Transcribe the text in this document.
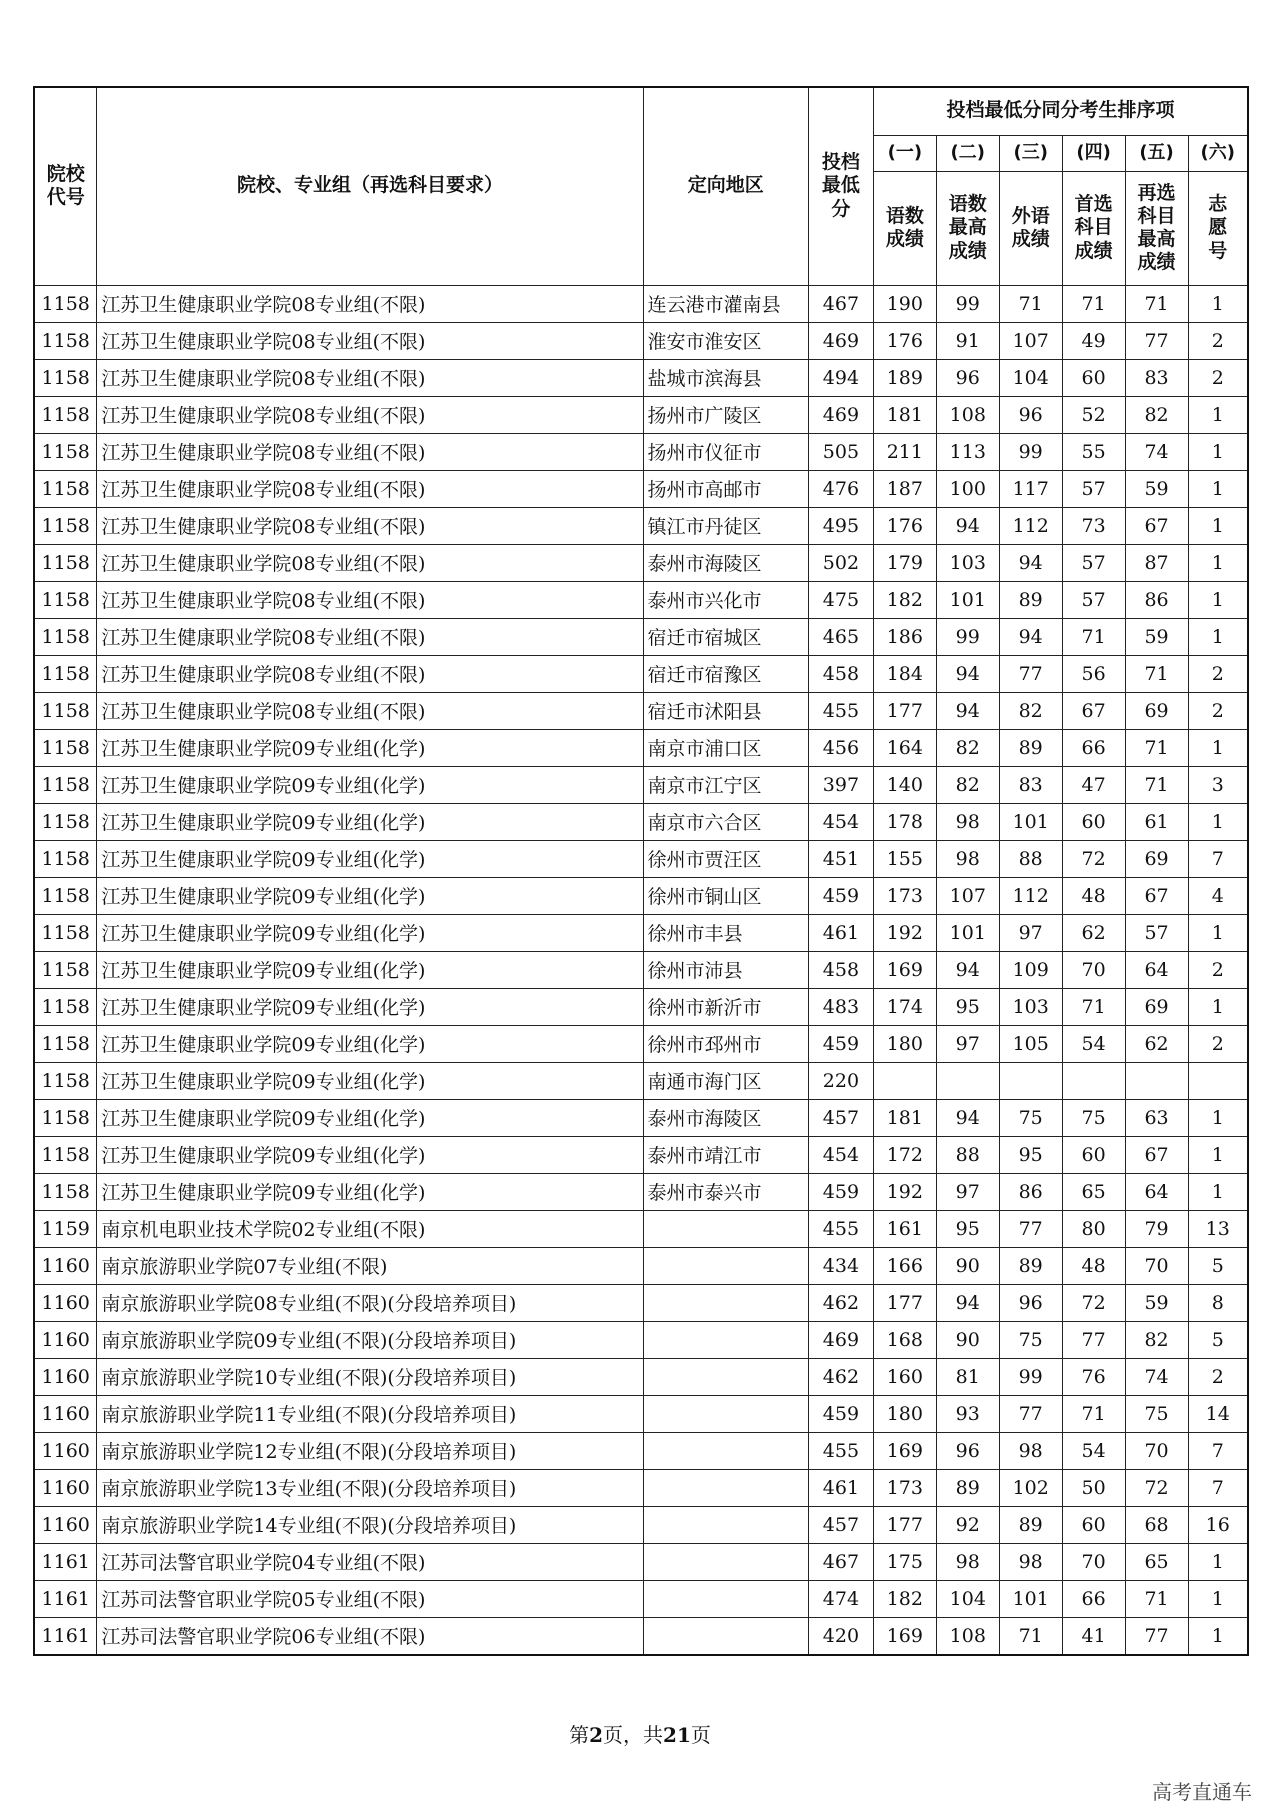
院校代号	院校、专业组（再选科目要求）	定向地区	投档最低分	投档最低分同分考生排序项					
				(一)	(二)	(三)	(四)	(五)	(六)
				语数成绩	语数最高成绩	外语成绩	首选科目成绩	再选科目最高成绩	志愿号
1158	江苏卫生健康职业学院08专业组(不限)	连云港市灌南县	467	190	99	71	71	71	1
1158	江苏卫生健康职业学院08专业组(不限)	淮安市淮安区	469	176	91	107	49	77	2
1158	江苏卫生健康职业学院08专业组(不限)	盐城市滨海县	494	189	96	104	60	83	2
1158	江苏卫生健康职业学院08专业组(不限)	扬州市广陵区	469	181	108	96	52	82	1
1158	江苏卫生健康职业学院08专业组(不限)	扬州市仪征市	505	211	113	99	55	74	1
1158	江苏卫生健康职业学院08专业组(不限)	扬州市高邮市	476	187	100	117	57	59	1
1158	江苏卫生健康职业学院08专业组(不限)	镇江市丹徒区	495	176	94	112	73	67	1
1158	江苏卫生健康职业学院08专业组(不限)	泰州市海陵区	502	179	103	94	57	87	1
1158	江苏卫生健康职业学院08专业组(不限)	泰州市兴化市	475	182	101	89	57	86	1
1158	江苏卫生健康职业学院08专业组(不限)	宿迁市宿城区	465	186	99	94	71	59	1
1158	江苏卫生健康职业学院08专业组(不限)	宿迁市宿豫区	458	184	94	77	56	71	2
1158	江苏卫生健康职业学院08专业组(不限)	宿迁市沭阳县	455	177	94	82	67	69	2
1158	江苏卫生健康职业学院09专业组(化学)	南京市浦口区	456	164	82	89	66	71	1
1158	江苏卫生健康职业学院09专业组(化学)	南京市江宁区	397	140	82	83	47	71	3
1158	江苏卫生健康职业学院09专业组(化学)	南京市六合区	454	178	98	101	60	61	1
1158	江苏卫生健康职业学院09专业组(化学)	徐州市贾汪区	451	155	98	88	72	69	7
1158	江苏卫生健康职业学院09专业组(化学)	徐州市铜山区	459	173	107	112	48	67	4
1158	江苏卫生健康职业学院09专业组(化学)	徐州市丰县	461	192	101	97	62	57	1
1158	江苏卫生健康职业学院09专业组(化学)	徐州市沛县	458	169	94	109	70	64	2
1158	江苏卫生健康职业学院09专业组(化学)	徐州市新沂市	483	174	95	103	71	69	1
1158	江苏卫生健康职业学院09专业组(化学)	徐州市邳州市	459	180	97	105	54	62	2
1158	江苏卫生健康职业学院09专业组(化学)	南通市海门区	220						
1158	江苏卫生健康职业学院09专业组(化学)	泰州市海陵区	457	181	94	75	75	63	1
1158	江苏卫生健康职业学院09专业组(化学)	泰州市靖江市	454	172	88	95	60	67	1
1158	江苏卫生健康职业学院09专业组(化学)	泰州市泰兴市	459	192	97	86	65	64	1
1159	南京机电职业技术学院02专业组(不限)		455	161	95	77	80	79	13
1160	南京旅游职业学院07专业组(不限)		434	166	90	89	48	70	5
1160	南京旅游职业学院08专业组(不限)(分段培养项目)		462	177	94	96	72	59	8
1160	南京旅游职业学院09专业组(不限)(分段培养项目)		469	168	90	75	77	82	5
1160	南京旅游职业学院10专业组(不限)(分段培养项目)		462	160	81	99	76	74	2
1160	南京旅游职业学院11专业组(不限)(分段培养项目)		459	180	93	77	71	75	14
1160	南京旅游职业学院12专业组(不限)(分段培养项目)		455	169	96	98	54	70	7
1160	南京旅游职业学院13专业组(不限)(分段培养项目)		461	173	89	102	50	72	7
1160	南京旅游职业学院14专业组(不限)(分段培养项目)		457	177	92	89	60	68	16
1161	江苏司法警官职业学院04专业组(不限)		467	175	98	98	70	65	1
1161	江苏司法警官职业学院05专业组(不限)		474	182	104	101	66	71	1
1161	江苏司法警官职业学院06专业组(不限)		420	169	108	71	41	77	1
第2页，共21页
高考直通车
